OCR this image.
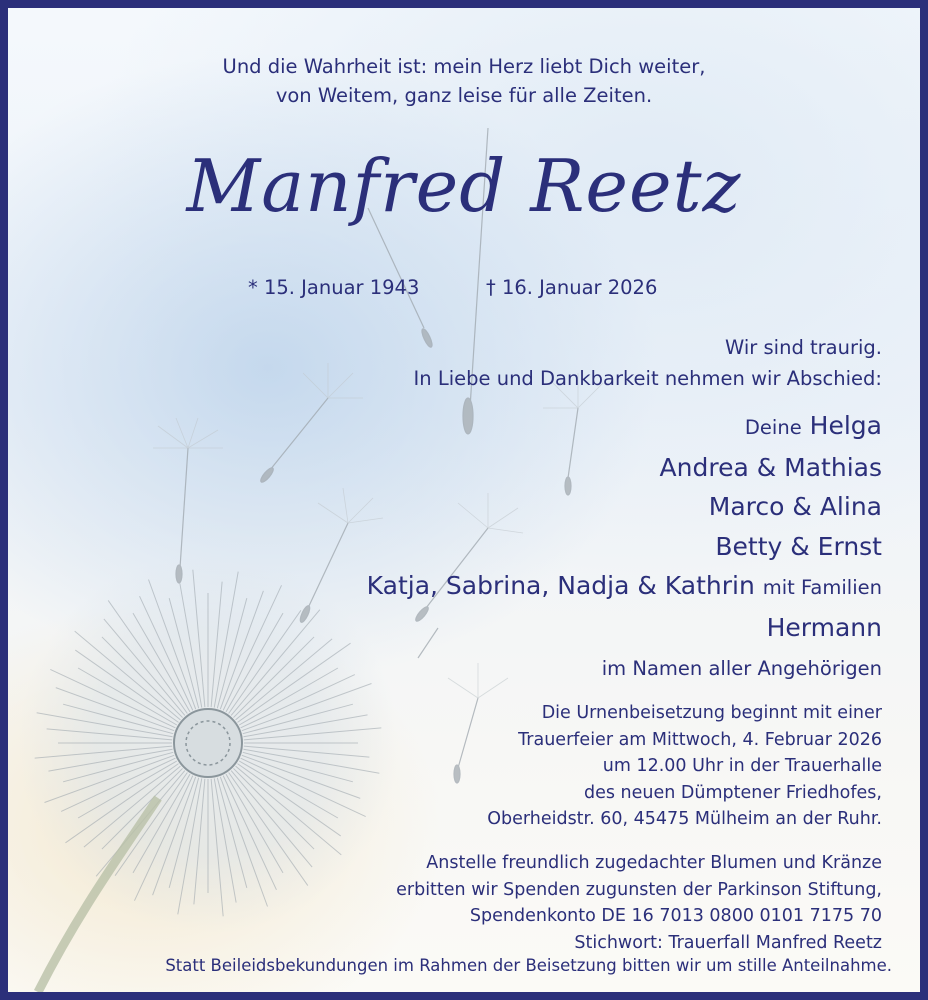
Und die Wahrheit ist: mein Herz liebt Dich weiter,
von Weitem, ganz leise für alle Zeiten.
Manfred Reetz
* 15. Januar 1943	† 16. Januar 2026
Wir sind traurig.
In Liebe und Dankbarkeit nehmen wir Abschied:
Deine Helga
Andrea & Mathias
Marco & Alina
Betty & Ernst
Katja, Sabrina, Nadja & Kathrin mit Familien
Hermann
im Namen aller Angehörigen
Die Urnenbeisetzung beginnt mit einer
Trauerfeier am Mittwoch, 4. Februar 2026
um 12.00 Uhr in der Trauerhalle
des neuen Dümptener Friedhofes,
Oberheidstr. 60, 45475 Mülheim an der Ruhr.
Anstelle freundlich zugedachter Blumen und Kränze
erbitten wir Spenden zugunsten der Parkinson Stiftung,
Spendenkonto DE 16 7013 0800 0101 7175 70
Stichwort: Trauerfall Manfred Reetz
Statt Beileidsbekundungen im Rahmen der Beisetzung bitten wir um stille Anteilnahme.
